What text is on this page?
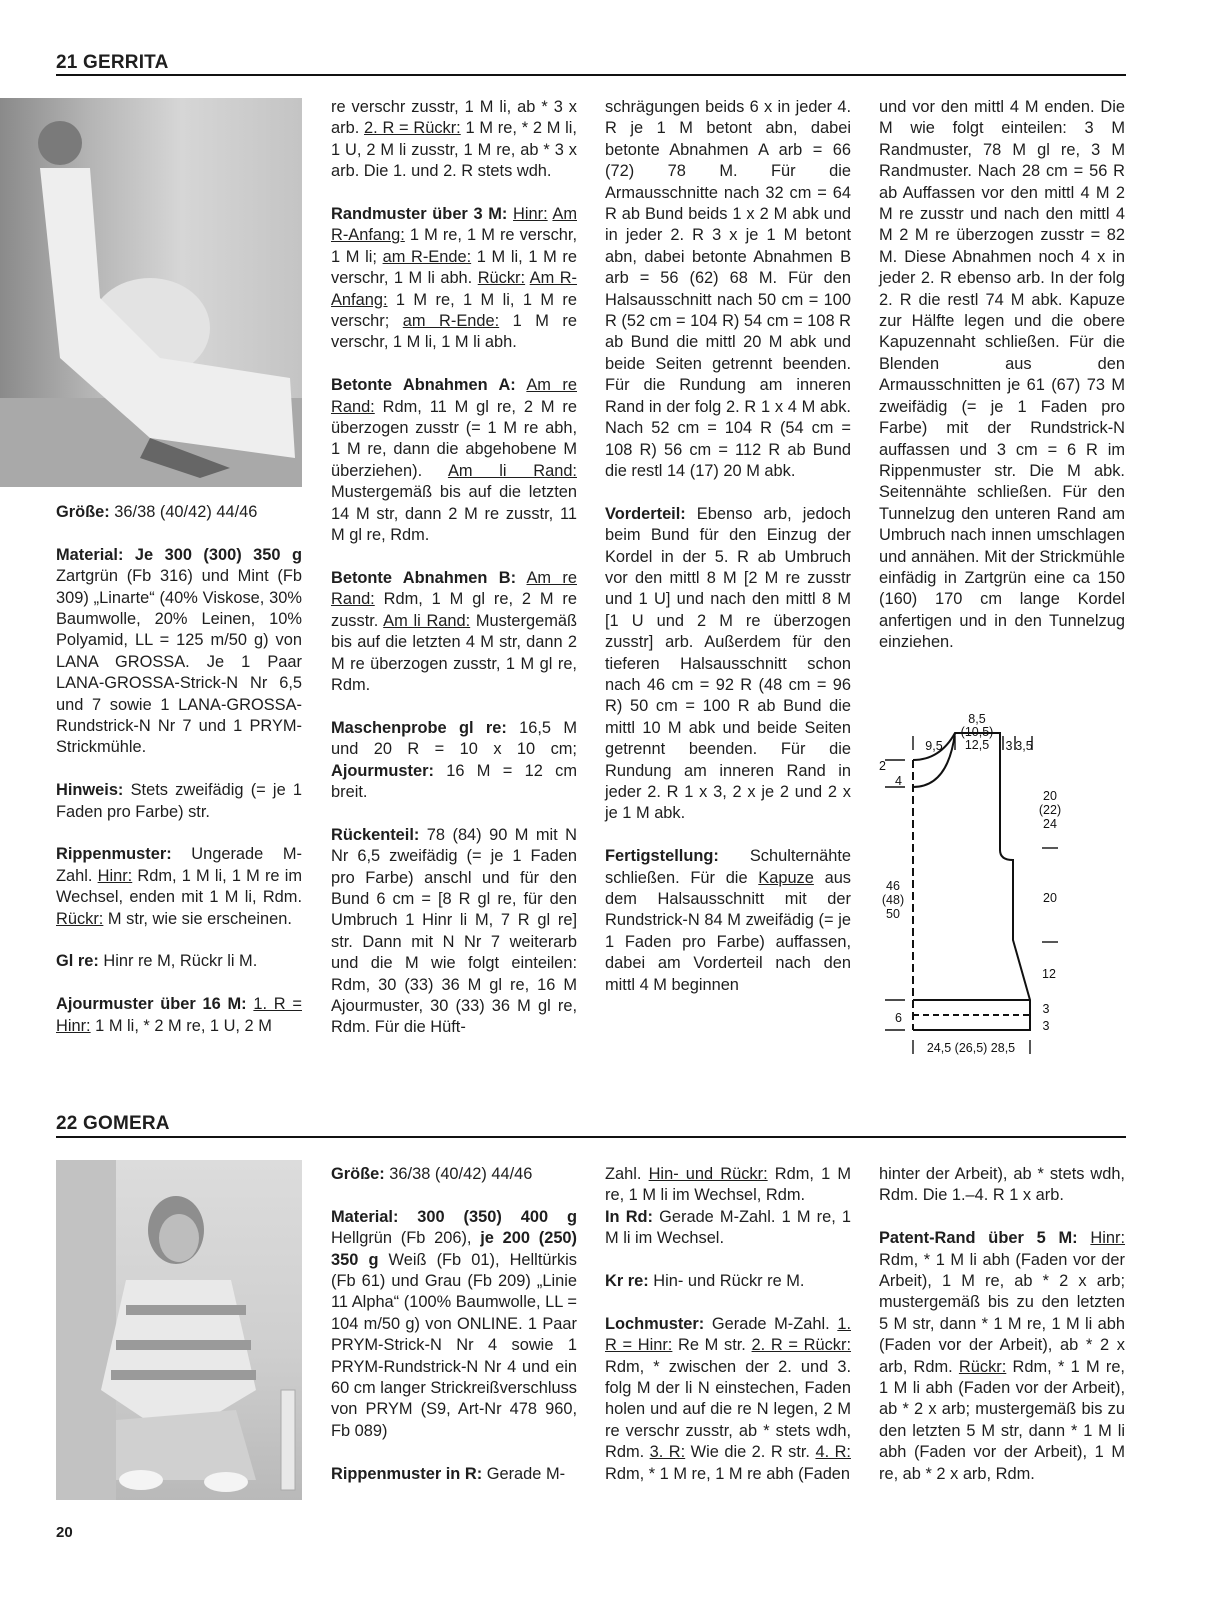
21 GERRITA

Größe: 36/38 (40/42) 44/46

Material: Je 300 (300) 350 g Zartgrün (Fb 316) und Mint (Fb 309) „Linarte“ (40% Viskose, 30% Baumwolle, 20% Leinen, 10% Polyamid, LL = 125 m/50 g) von LANA GROSSA. Je 1 Paar LANA-GROSSA-Strick-N Nr 6,5 und 7 sowie 1 LANA-GROSSA-Rundstrick-N Nr 7 und 1 PRYM-Strickmühle.

Hinweis: Stets zweifädig (= je 1 Faden pro Farbe) str.

Rippenmuster: Ungerade M-Zahl. Hinr: Rdm, 1 M li, 1 M re im Wechsel, enden mit 1 M li, Rdm. Rückr: M str, wie sie erscheinen.

Gl re: Hinr re M, Rückr li M.

Ajourmuster über 16 M: 1. R = Hinr: 1 M li, * 2 M re, 1 U, 2 M

re verschr zusstr, 1 M li, ab * 3 x arb. 2. R = Rückr: 1 M re, * 2 M li, 1 U, 2 M li zusstr, 1 M re, ab * 3 x arb. Die 1. und 2. R stets wdh.

Randmuster über 3 M: Hinr: Am R-Anfang: 1 M re, 1 M re verschr, 1 M li; am R-Ende: 1 M li, 1 M re verschr, 1 M li abh. Rückr: Am R-Anfang: 1 M re, 1 M li, 1 M re verschr; am R-Ende: 1 M re verschr, 1 M li, 1 M li abh.

Betonte Abnahmen A: Am re Rand: Rdm, 11 M gl re, 2 M re überzogen zusstr (= 1 M re abh, 1 M re, dann die abgehobene M überziehen). Am li Rand: Mustergemäß bis auf die letzten 14 M str, dann 2 M re zusstr, 11 M gl re, Rdm.

Betonte Abnahmen B: Am re Rand: Rdm, 1 M gl re, 2 M re zusstr. Am li Rand: Mustergemäß bis auf die letzten 4 M str, dann 2 M re überzogen zusstr, 1 M gl re, Rdm.

Maschenprobe gl re: 16,5 M und 20 R = 10 x 10 cm; Ajourmuster: 16 M = 12 cm breit.

Rückenteil: 78 (84) 90 M mit N Nr 6,5 zweifädig (= je 1 Faden pro Farbe) anschl und für den Bund 6 cm = [8 R gl re, für den Umbruch 1 Hinr li M, 7 R gl re] str. Dann mit N Nr 7 weiterarb und die M wie folgt einteilen: Rdm, 30 (33) 36 M gl re, 16 M Ajourmuster, 30 (33) 36 M gl re, Rdm. Für die Hüft-

schrägungen beids 6 x in jeder 4. R je 1 M betont abn, dabei betonte Abnahmen A arb = 66 (72) 78 M. Für die Armausschnitte nach 32 cm = 64 R ab Bund beids 1 x 2 M abk und in jeder 2. R 3 x je 1 M betont abn, dabei betonte Abnahmen B arb = 56 (62) 68 M. Für den Halsausschnitt nach 50 cm = 100 R (52 cm = 104 R) 54 cm = 108 R ab Bund die mittl 20 M abk und beide Seiten getrennt beenden. Für die Rundung am inneren Rand in der folg 2. R 1 x 4 M abk. Nach 52 cm = 104 R (54 cm = 108 R) 56 cm = 112 R ab Bund die restl 14 (17) 20 M abk.

Vorderteil: Ebenso arb, jedoch beim Bund für den Einzug der Kordel in der 5. R ab Umbruch vor den mittl 8 M [2 M re zusstr und 1 U] und nach den mittl 8 M [1 U und 2 M re überzogen zusstr] arb. Außerdem für den tieferen Halsausschnitt schon nach 46 cm = 92 R (48 cm = 96 R) 50 cm = 100 R ab Bund die mittl 10 M abk und beide Seiten getrennt beenden. Für die Rundung am inneren Rand in jeder 2. R 1 x 3, 2 x je 2 und 2 x je 1 M abk.

Fertigstellung: Schulternähte schließen. Für die Kapuze aus dem Halsausschnitt mit der Rundstrick-N 84 M zweifädig (= je 1 Faden pro Farbe) auffassen, dabei am Vorderteil nach den mittl 4 M beginnen

und vor den mittl 4 M enden. Die M wie folgt einteilen: 3 M Randmuster, 78 M gl re, 3 M Randmuster. Nach 28 cm = 56 R ab Auffassen vor den mittl 4 M 2 M re zusstr und nach den mittl 4 M 2 M re überzogen zusstr = 82 M. Diese Abnahmen noch 4 x in jeder 2. R ebenso arb. In der folg 2. R die restl 74 M abk. Kapuze zur Hälfte legen und die obere Kapuzennaht schließen. Für die Blenden aus den Armausschnitten je 61 (67) 73 M zweifädig (= je 1 Faden pro Farbe) mit der Rundstrick-N auffassen und 3 cm = 6 R im Rippenmuster str. Die M abk. Seitennähte schließen. Für den Tunnelzug den unteren Rand am Umbruch nach innen umschlagen und annähen. Mit der Strickmühle einfädig in Zartgrün eine ca 150 (160) 170 cm lange Kordel anfertigen und in den Tunnelzug einziehen.

8,5
(10,5)
12,5
9,5	3 3,5
2
4
46
(48)
50
6
20
(22)
24
20
12
3
3
24,5 (26,5) 28,5
22 GOMERA

Größe: 36/38 (40/42) 44/46

Material: 300 (350) 400 g Hellgrün (Fb 206), je 200 (250) 350 g Weiß (Fb 01), Helltürkis (Fb 61) und Grau (Fb 209) „Linie 11 Alpha“ (100% Baumwolle, LL = 104 m/50 g) von ONLINE. 1 Paar PRYM-Strick-N Nr 4 sowie 1 PRYM-Rundstrick-N Nr 4 und ein 60 cm langer Strickreißverschluss von PRYM (S9, Art-Nr 478 960, Fb 089)

Rippenmuster in R: Gerade M-

Zahl. Hin- und Rückr: Rdm, 1 M re, 1 M li im Wechsel, Rdm.
In Rd: Gerade M-Zahl. 1 M re, 1 M li im Wechsel.

Kr re: Hin- und Rückr re M.

Lochmuster: Gerade M-Zahl. 1. R = Hinr: Re M str. 2. R = Rückr: Rdm, * zwischen der 2. und 3. folg M der li N einstechen, Faden holen und auf die re N legen, 2 M re verschr zusstr, ab * stets wdh, Rdm. 3. R: Wie die 2. R str. 4. R: Rdm, * 1 M re, 1 M re abh (Faden

hinter der Arbeit), ab * stets wdh, Rdm. Die 1.–4. R 1 x arb.

Patent-Rand über 5 M: Hinr: Rdm, * 1 M li abh (Faden vor der Arbeit), 1 M re, ab * 2 x arb; mustergemäß bis zu den letzten 5 M str, dann * 1 M re, 1 M li abh (Faden vor der Arbeit), ab * 2 x arb, Rdm. Rückr: Rdm, * 1 M re, 1 M li abh (Faden vor der Arbeit), ab * 2 x arb; mustergemäß bis zu den letzten 5 M str, dann * 1 M li abh (Faden vor der Arbeit), 1 M re, ab * 2 x arb, Rdm.

20
